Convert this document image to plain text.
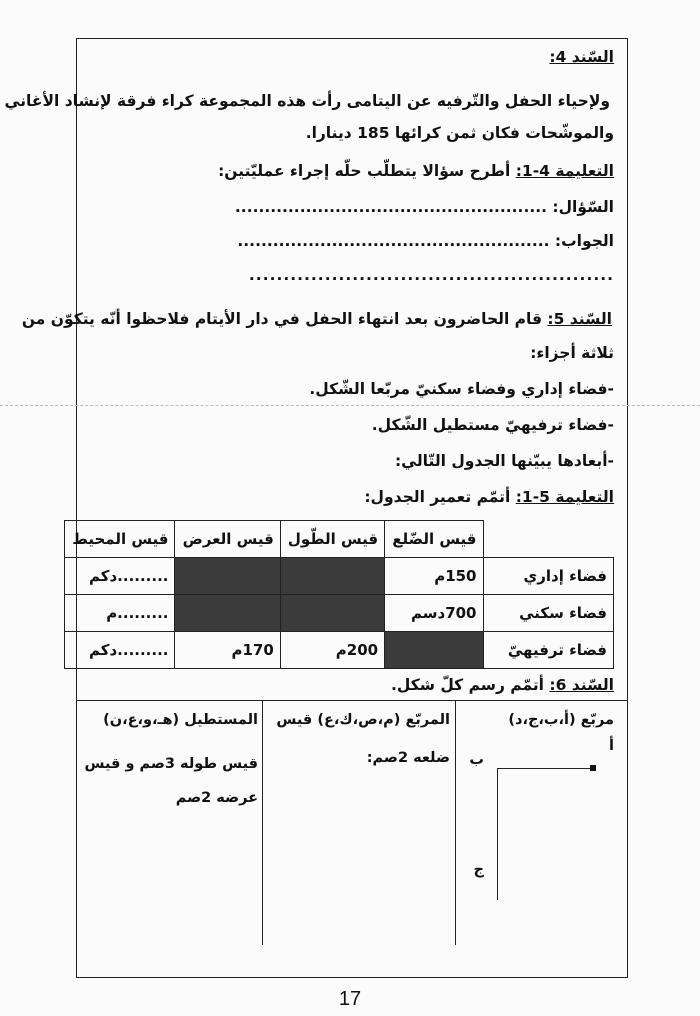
السّند 4:
ولإحياء الحفل والتّرفيه عن اليتامى رأت هذه المجموعة كراء فرقة لإنشاد الأغاني
والموشّحات فكان ثمن كرائها 185 دينارا.
التعليمة 4-1: أطرح سؤالا يتطلّب حلّه إجراء عمليّتين:
السّؤال: .....................................................
الجواب: .....................................................
.....................................................
السّند 5: قام الحاضرون بعد انتهاء الحفل في دار الأيتام فلاحظوا أنّه يتكوّن من
ثلاثة أجزاء:
-فضاء إداري وفضاء سكنيّ مربّعا الشّكل.
-فضاء ترفيهيّ مستطيل الشّكل.
-أبعادها يبيّنها الجدول التّالي:
التعليمة 5-1: أتمّم تعمير الجدول:
	قيس الضّلع	قيس الطّول	قيس العرض	قيس المحيط
فضاء إداري	150م			.........دكم
فضاء سكني	700دسم			.........م
فضاء ترفيهيّ		200م	170م	.........دكم
السّند 6: أتمّم رسم كلّ شكل.
مربّع (أ،ب،ج،د)
أ
ب
ج
المربّع (م،ص،ك،ع) قيس
ضلعه 2صم:
المستطيل (هـ،و،ع،ن)
قيس طوله 3صم و قيس
عرضه 2صم
17
